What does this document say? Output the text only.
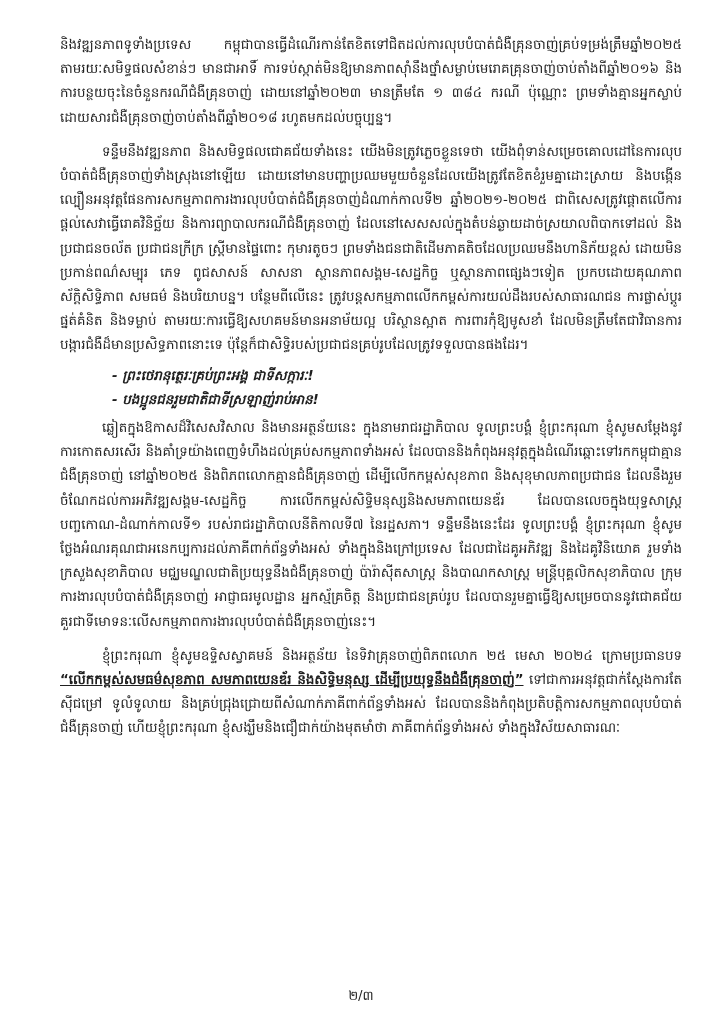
និងវឌ្ឍនភាពទូទាំងប្រទេស កម្ពុជាបានធ្វើដំណើរកាន់តែខិតទៅជិតដល់ការលុបបំបាត់ជំងឺគ្រុនចាញ់គ្រប់ទម្រង់ត្រឹមឆ្នាំ២០២៥ តាមរយៈសមិទ្ធផលសំខាន់ៗ មានជាអាទិ៍ ការទប់ស្កាត់មិនឱ្យមានភាពស៊ាំនឹងថ្នាំសម្លាប់មេរោគគ្រុនចាញ់ចាប់តាំងពីឆ្នាំ២០១៦ និងការបន្ថយចុះនៃចំនួនករណីជំងឺគ្រុនចាញ់ ដោយនៅឆ្នាំ២០២៣ មានត្រឹមតែ ១ ៣៨៤ ករណី ប៉ុណ្ណោះ ព្រមទាំងគ្មានអ្នកស្លាប់ដោយសារជំងឺគ្រុនចាញ់ចាប់តាំងពីឆ្នាំ២០១៨ រហូតមកដល់បច្ចុប្បន្ន។

ទន្ទឹមនឹងវឌ្ឍនភាព និងសមិទ្ធផលជោគជ័យទាំងនេះ យើងមិនត្រូវភ្លេចខ្លួនទេថា យើងពុំទាន់សម្រេចគោលដៅនៃការលុបបំបាត់ជំងឺគ្រុនចាញ់ទាំងស្រុងនៅឡើយ ដោយនៅមានបញ្ហាប្រឈមមួយចំនួនដែលយើងត្រូវតែខិតខំរួមគ្នាដោះស្រាយ និងបង្កើនល្បឿនអនុវត្តផែនការសកម្មភាពការងារលុបបំបាត់ជំងឺគ្រុនចាញ់ដំណាក់កាលទី២ ឆ្នាំ២០២១-២០២៥ ជាពិសេសត្រូវផ្តោតលើការផ្តល់សេវាធ្វើរោគវិនិច្ឆ័យ និងការព្យាបាលករណីជំងឺគ្រុនចាញ់ ដែលនៅសេសសល់ក្នុងតំបន់ឆ្ងាយដាច់ស្រយាលពិបាកទៅដល់ និងប្រជាជនចល័ត ប្រជាជនក្រីក្រ ស្ត្រីមានផ្ទៃពោះ កុមារតូចៗ ព្រមទាំងជនជាតិដើមភាគតិចដែលប្រឈមនឹងហានិភ័យខ្ពស់ ដោយមិនប្រកាន់ពណ៌សម្បុរ ភេទ ពូជសាសន៍ សាសនា ស្ថានភាពសង្គម-សេដ្ឋកិច្ច ឬស្ថានភាពផ្សេងៗទៀត ប្រកបដោយគុណភាព ស័ក្តិសិទ្ធិភាព សមធម៌ និងបរិយាបន្ន។ បន្ថែមពីលើនេះ ត្រូវបន្តសកម្មភាពលើកកម្ពស់ការយល់ដឹងរបស់សាធារណជន ការផ្លាស់ប្តូរផ្នត់គំនិត និងទម្លាប់ តាមរយៈការធ្វើឱ្យសហគមន៍មានអនាម័យល្អ បរិស្ថានស្អាត ការពារកុំឱ្យមូសខាំ ដែលមិនត្រឹមតែជាវិធានការបង្ការជំងឺដ៏មានប្រសិទ្ធភាពនោះទេ ប៉ុន្តែក៏ជាសិទ្ធិរបស់ប្រជាជនគ្រប់រូបដែលត្រូវទទួលបានផងដែរ។

- ព្រះថេរានុត្ថេរៈគ្រប់ព្រះអង្គ ជាទីសក្ការៈ!
- បងប្អូនជនរួមជាតិជាទីស្រឡាញ់រាប់អាន!

ឆ្លៀតក្នុងឱកាសដ៏វិសេសវិសាល និងមានអត្ថន័យនេះ ក្នុងនាមរាជរដ្ឋាភិបាល ទូលព្រះបង្គំ ខ្ញុំព្រះករុណា ខ្ញុំសូមសម្តែងនូវការកោតសរសើរ និងគាំទ្រយ៉ាងពេញទំហឹងដល់គ្រប់សកម្មភាពទាំងអស់ ដែលបាននិងកំពុងអនុវត្តក្នុងដំណើរឆ្ពោះទៅរកកម្ពុជាគ្មានជំងឺគ្រុនចាញ់ នៅឆ្នាំ២០២៥ និងពិភពលោកគ្មានជំងឺគ្រុនចាញ់ ដើម្បីលើកកម្ពស់សុខភាព និងសុខុមាលភាពប្រជាជន ដែលនឹងរួមចំណែកដល់ការអភិវឌ្ឍសង្គម-សេដ្ឋកិច្ច ការលើកកម្ពស់សិទ្ធិមនុស្សនិងសមភាពយេនឌ័រ ដែលបានលេចក្នុងយុទ្ធសាស្ត្របញ្ចកោណ-ដំណាក់កាលទី១ របស់រាជរដ្ឋាភិបាលនីតិកាលទី៧ នៃរដ្ឋសភា។ ទន្ទឹមនឹងនេះដែរ ទូលព្រះបង្គំ ខ្ញុំព្រះករុណា ខ្ញុំសូមថ្លែងអំណរគុណជាអនេកប្បការដល់ភាគីពាក់ព័ន្ធទាំងអស់ ទាំងក្នុងនិងក្រៅប្រទេស ដែលជាដៃគូអភិវឌ្ឍ និងដៃគូវិនិយោគ រួមទាំងក្រសួងសុខាភិបាល មជ្ឈមណ្ឌលជាតិប្រយុទ្ធនឹងជំងឺគ្រុនចាញ់ ប៉ារ៉ាស៊ីតសាស្ត្រ និងបាណកសាស្ត្រ មន្ត្រីបុគ្គលិកសុខាភិបាល ក្រុមការងារលុបបំបាត់ជំងឺគ្រុនចាញ់ អាជ្ញាធរមូលដ្ឋាន អ្នកស្ម័គ្រចិត្ត និងប្រជាជនគ្រប់រូប ដែលបានរួមគ្នាធ្វើឱ្យសម្រេចបាននូវជោគជ័យគួរជាទីមោទនៈលើសកម្មភាពការងារលុបបំបាត់ជំងឺគ្រុនចាញ់នេះ។

ខ្ញុំព្រះករុណា ខ្ញុំសូមឧទ្ទិសស្វាគមន៍ និងអត្ថន័យ នៃទិវាគ្រុនចាញ់ពិភពលោក ២៥ មេសា ២០២៤ ក្រោមប្រធានបទ “លើកកម្ពស់សមធម៌សុខភាព សមភាពយេនឌ័រ និងសិទ្ធិមនុស្ស ដើម្បីប្រយុទ្ធនឹងជំងឺគ្រុនចាញ់” ទៅជាការអនុវត្តជាក់ស្តែងការតែស៊ីជម្រៅ ទូលំទូលាយ និងគ្រប់ជ្រុងជ្រោយពីសំណាក់ភាគីពាក់ព័ន្ធទាំងអស់ ដែលបាននិងកំពុងប្រតិបត្តិការសកម្មភាពលុបបំបាត់ជំងឺគ្រុនចាញ់ ហើយខ្ញុំព្រះករុណា ខ្ញុំសង្ឃឹមនិងជឿជាក់យ៉ាងមុតមាំថា ភាគីពាក់ព័ន្ធទាំងអស់ ទាំងក្នុងវិស័យសាធារណៈ

២/៣
